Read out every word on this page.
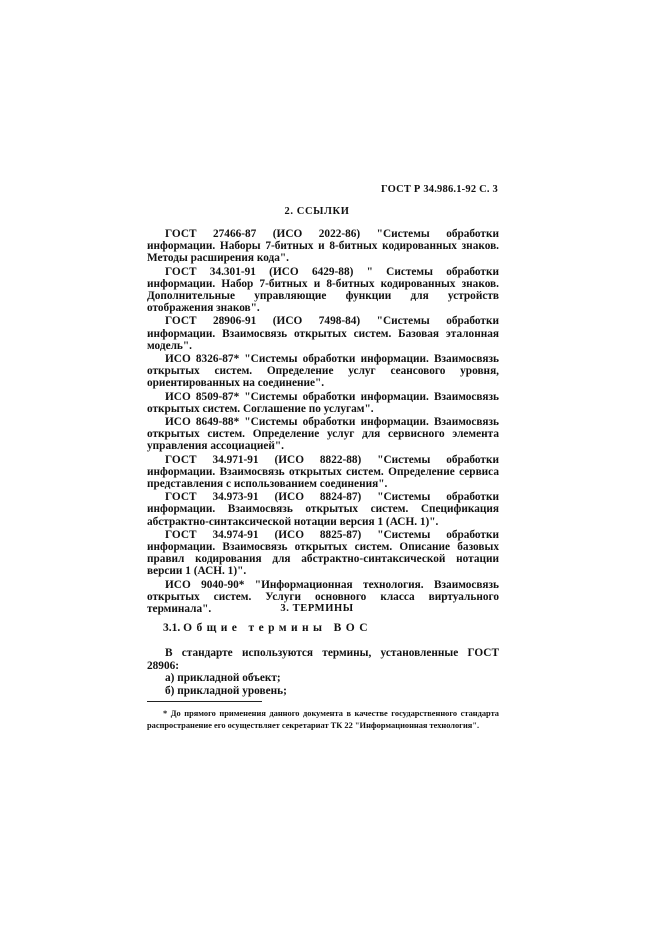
ГОСТ Р 34.986.1-92 С. 3
2. ССЫЛКИ

ГОСТ 27466-87 (ИСО 2022-86) "Системы обработки информации. Наборы 7-битных и 8-битных кодированных знаков. Методы расширения кода".

ГОСТ 34.301-91 (ИСО 6429-88) " Системы обработки информации. Набор 7-битных и 8-битных кодированных знаков. Дополнительные управляющие функции для устройств отображения знаков".

ГОСТ 28906-91 (ИСО 7498-84) "Системы обработки информации. Взаимосвязь открытых систем. Базовая эталонная модель".

ИСО 8326-87* "Системы обработки информации. Взаимосвязь открытых систем. Определение услуг сеансового уровня, ориентированных на соединение".

ИСО 8509-87* "Системы обработки информации. Взаимосвязь открытых систем. Соглашение по услугам".

ИСО 8649-88* "Системы обработки информации. Взаимосвязь открытых систем. Определение услуг для сервисного элемента управления ассоциацией".

ГОСТ 34.971-91 (ИСО 8822-88) "Системы обработки информации. Взаимосвязь открытых систем. Определение сервиса представления с использованием соединения".

ГОСТ 34.973-91 (ИСО 8824-87) "Системы обработки информации. Взаимосвязь открытых систем. Спецификация абстрактно-синтаксической нотации версия 1 (АСН. 1)".

ГОСТ 34.974-91 (ИСО 8825-87) "Системы обработки информации. Взаимосвязь открытых систем. Описание базовых правил кодирования для абстрактно-синтаксической нотации версии 1 (АСН. 1)".

ИСО 9040-90* "Информационная технология. Взаимосвязь открытых систем. Услуги основного класса виртуального терминала".	3. ТЕРМИНЫ
3.1. Общие термины ВОС

В стандарте используются термины, установленные ГОСТ 28906:

а) прикладной объект;

б) прикладной уровень;

* До прямого применения данного документа в качестве государственного стандарта распространение его осуществляет секретариат ТК 22 "Информационная технология".
